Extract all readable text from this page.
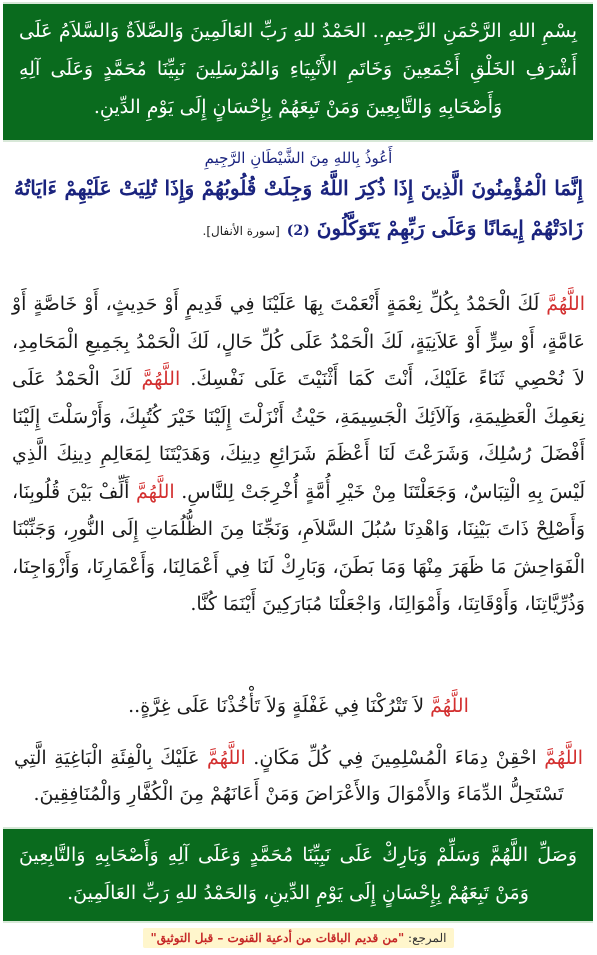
بِسْمِ اللهِ الرَّحْمَنِ الرَّحِيمِ.. الحَمْدُ للهِ رَبِّ العَالَمِينَ وَالصَّلاَةُ وَالسَّلاَمُ عَلَى أَشْرَفِ الخَلْقِ أَجْمَعِينَ وَخَاتَمِ الأَنْبِيَاءِ وَالمُرْسَلِينَ نَبِيِّنَا مُحَمَّدٍ وَعَلَى آلِهِ وَأَصْحَابِهِ وَالتَّابِعِينَ وَمَنْ تَبِعَهُمْ بِإِحْسَانٍ إِلَى يَوْمِ الدِّينِ.
أَعُوذُ بِاللهِ مِنَ الشَّيْطَانِ الرَّجِيمِ
إِنَّمَا الْمُؤْمِنُونَ الَّذِينَ إِذَا ذُكِرَ اللَّهُ وَجِلَتْ قُلُوبُهُمْ وَإِذَا تُلِيَتْ عَلَيْهِمْ ءَايَاتُهُ زَادَتْهُمْ إِيمَانًا وَعَلَى رَبِّهِمْ يَتَوَكَّلُونَ (2) [سورة الأنفال].
اللَّهُمَّ لَكَ الْحَمْدُ بِكُلِّ نِعْمَةٍ أَنْعَمْتَ بِهَا عَلَيْنَا فِي قَدِيمٍ أَوْ حَدِيثٍ، أَوْ خَاصَّةٍ أَوْ عَامَّةٍ، أَوْ سِرٍّ أَوْ عَلاَنِيَةٍ، لَكَ الْحَمْدُ عَلَى كُلِّ حَالٍ، لَكَ الْحَمْدُ بِجَمِيعِ الْمَحَامِدِ، لاَ نُحْصِي ثَنَاءً عَلَيْكَ، أَنْتَ كَمَا أَثْنَيْتَ عَلَى نَفْسِكَ. اللَّهُمَّ لَكَ الْحَمْدُ عَلَى نِعَمِكَ الْعَظِيمَةِ، وَآلاَئِكَ الْجَسِيمَةِ، حَيْثُ أَنْزَلْتَ إِلَيْنَا خَيْرَ كُتُبِكَ، وَأَرْسَلْتَ إِلَيْنَا أَفْضَلَ رُسُلِكَ، وَشَرَعْتَ لَنَا أَعْظَمَ شَرَائِعِ دِينِكَ، وَهَدَيْتَنَا لِمَعَالِمِ دِينِكَ الَّذِي لَيْسَ بِهِ الْتِبَاسٌ، وَجَعَلْتَنَا مِنْ خَيْرِ أُمَّةٍ أُخْرِجَتْ لِلنَّاسِ. اللَّهُمَّ أَلِّفْ بَيْنَ قُلُوبِنَا، وَأَصْلِحْ ذَاتَ بَيْنِنَا، وَاهْدِنَا سُبُلَ السَّلاَمِ، وَنَجِّنَا مِنَ الظُّلُمَاتِ إِلَى النُّورِ، وَجَنِّبْنَا الْفَوَاحِشَ مَا ظَهَرَ مِنْهَا وَمَا بَطَنَ، وَبَارِكْ لَنَا فِي أَعْمَالِنَا، وَأَعْمَارِنَا، وَأَزْوَاجِنَا، وَذُرِّيَّاتِنَا، وَأَوْقَاتِنَا، وَأَمْوَالِنَا، وَاجْعَلْنَا مُبَارَكِينَ أَيْنَمَا كُنَّا.
اللَّهُمَّ لاَ تَتْرُكْنَا فِي غَفْلَةٍ وَلاَ تَأْخُذْنَا عَلَى غِرَّةٍ..
اللَّهُمَّ احْقِنْ دِمَاءَ الْمُسْلِمِينَ فِي كُلِّ مَكَانٍ. اللَّهُمَّ عَلَيْكَ بِالْفِئَةِ الْبَاغِيَةِ الَّتِي تَسْتَحِلُّ الدِّمَاءَ وَالأَمْوَالَ وَالأَعْرَاضَ وَمَنْ أَعَانَهُمْ مِنَ الْكُفَّارِ وَالْمُنَافِقِينَ.
وَصَلِّ اللَّهُمَّ وَسَلِّمْ وَبَارِكْ عَلَى نَبِيِّنَا مُحَمَّدٍ وَعَلَى آلِهِ وَأَصْحَابِهِ وَالتَّابِعِينَ وَمَنْ تَبِعَهُمْ بِإِحْسَانٍ إِلَى يَوْمِ الدِّينِ، وَالحَمْدُ للهِ رَبِّ العَالَمِينَ.
المرجع: "من قديم الباقات من أدعية القنوت – قبل التوثيق"
